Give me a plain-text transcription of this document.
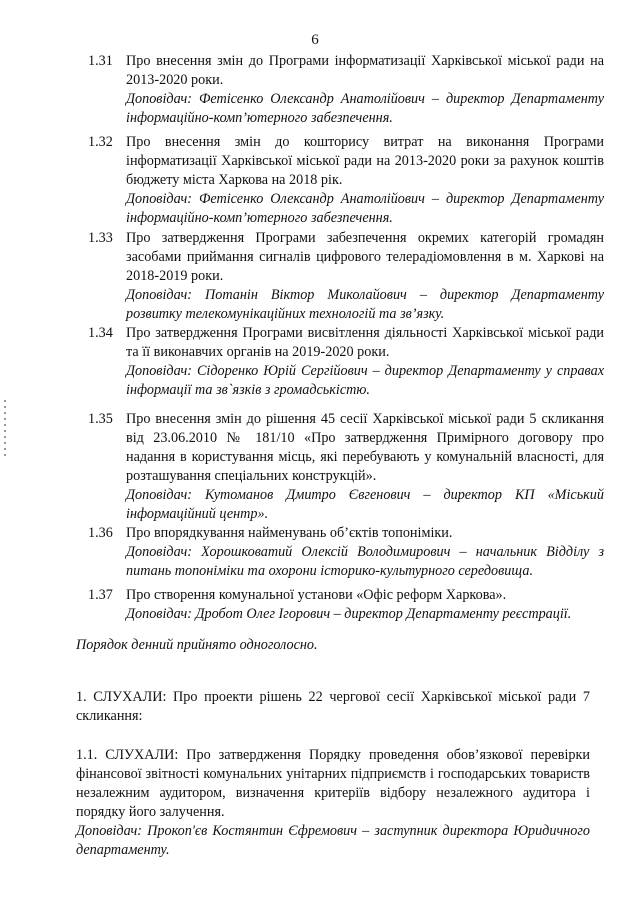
6
1.31 Про внесення змін до Програми інформатизації Харківської міської ради на 2013-2020 роки.
Доповідач: Фетісенко Олександр Анатолійович – директор Департаменту інформаційно-комп’ютерного забезпечення.
1.32 Про внесення змін до кошторису витрат на виконання Програми інформатизації Харківської міської ради на 2013-2020 роки за рахунок коштів бюджету міста Харкова на 2018 рік.
Доповідач: Фетісенко Олександр Анатолійович – директор Департаменту інформаційно-комп’ютерного забезпечення.
1.33 Про затвердження Програми забезпечення окремих категорій громадян засобами приймання сигналів цифрового телерадіомовлення в м. Харкові на 2018-2019 роки.
Доповідач: Потанін Віктор Миколайович – директор Департаменту розвитку телекомунікаційних технологій та зв’язку.
1.34 Про затвердження Програми висвітлення діяльності Харківської міської ради та її виконавчих органів на 2019-2020 роки.
Доповідач: Сідоренко Юрій Сергійович – директор Департаменту у справах інформації та зв`язків з громадськістю.
1.35 Про внесення змін до рішення 45 сесії Харківської міської ради 5 скликання від 23.06.2010 № 181/10 «Про затвердження Примірного договору про надання в користування місць, які перебувають у комунальній власності, для розташування спеціальних конструкцій».
Доповідач: Кутоманов Дмитро Євгенович – директор КП «Міський інформаційний центр».
1.36 Про впорядкування найменувань об’єктів топоніміки.
Доповідач: Хорошковатий Олексій Володимирович – начальник Відділу з питань топоніміки та охорони історико-культурного середовища.
1.37 Про створення комунальної установи «Офіс реформ Харкова».
Доповідач: Дробот Олег Ігорович – директор Департаменту реєстрації.
Порядок денний прийнято одноголосно.
1. СЛУХАЛИ: Про проекти рішень 22 чергової сесії Харківської міської ради 7 скликання:
1.1. СЛУХАЛИ: Про затвердження Порядку проведення обов’язкової перевірки фінансової звітності комунальних унітарних підприємств і господарських товариств незалежним аудитором, визначення критеріїв відбору незалежного аудитора і порядку його залучення.
Доповідач: Прокоп'єв Костянтин Єфремович – заступник директора Юридичного департаменту.
